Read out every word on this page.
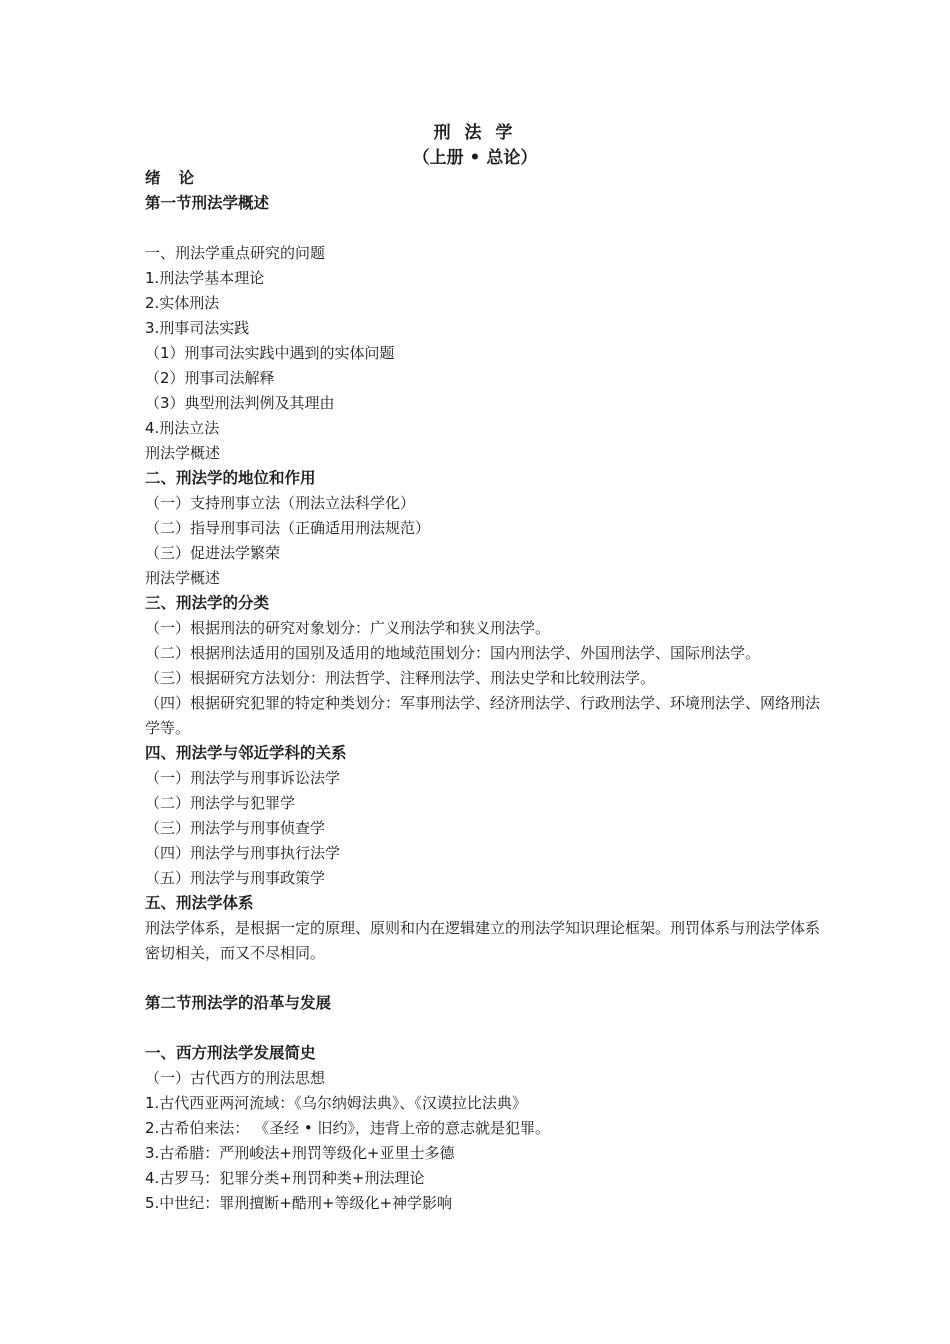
刑 法 学
（上册 • 总论）
绪论
第一节刑法学概述
一、刑法学重点研究的问题
1.刑法学基本理论
2.实体刑法
3.刑事司法实践
（1）刑事司法实践中遇到的实体问题
（2）刑事司法解释
（3）典型刑法判例及其理由
4.刑法立法
刑法学概述
二、刑法学的地位和作用
（一）支持刑事立法（刑法立法科学化）
（二）指导刑事司法（正确适用刑法规范）
（三）促进法学繁荣
刑法学概述
三、刑法学的分类
（一）根据刑法的研究对象划分：广义刑法学和狭义刑法学。
（二）根据刑法适用的国别及适用的地域范围划分：国内刑法学、外国刑法学、国际刑法学。
（三）根据研究方法划分：刑法哲学、注释刑法学、刑法史学和比较刑法学。
（四）根据研究犯罪的特定种类划分：军事刑法学、经济刑法学、行政刑法学、环境刑法学、网络刑法学等。
四、刑法学与邻近学科的关系
（一）刑法学与刑事诉讼法学
（二）刑法学与犯罪学
（三）刑法学与刑事侦查学
（四）刑法学与刑事执行法学
（五）刑法学与刑事政策学
五、刑法学体系
刑法学体系，是根据一定的原理、原则和内在逻辑建立的刑法学知识理论框架。刑罚体系与刑法学体系密切相关，而又不尽相同。
第二节刑法学的沿革与发展
一、西方刑法学发展简史
（一）古代西方的刑法思想
1.古代西亚两河流域：《乌尔纳姆法典》、《汉谟拉比法典》
2.古希伯来法： 《圣经 • 旧约》，违背上帝的意志就是犯罪。
3.古希腊：严刑峻法+刑罚等级化+亚里士多德
4.古罗马：犯罪分类+刑罚种类+刑法理论
5.中世纪：罪刑擅断+酷刑+等级化+神学影响
